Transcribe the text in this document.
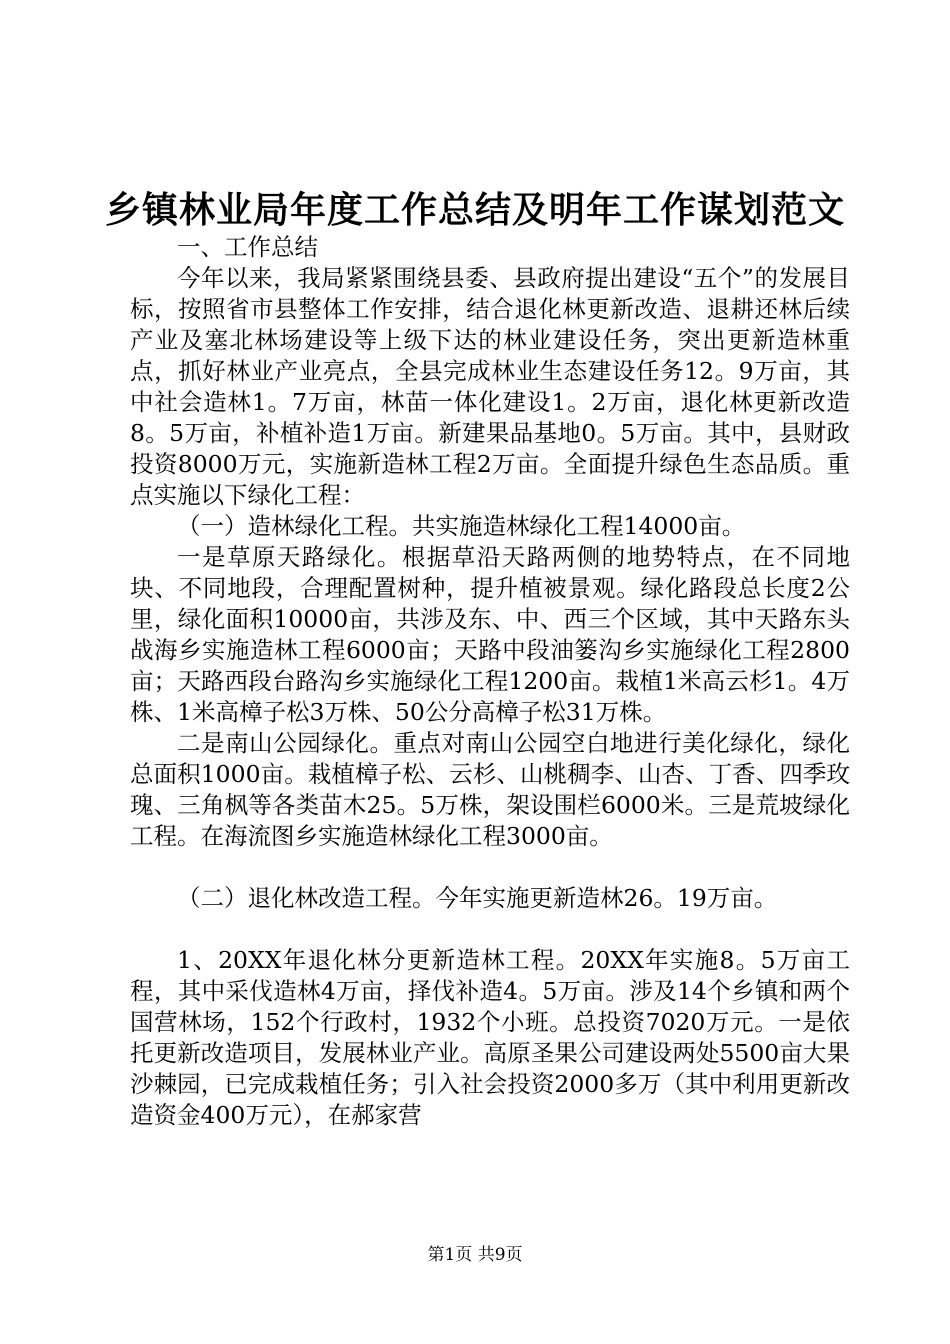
乡镇林业局年度工作总结及明年工作谋划范文

一、工作总结

今年以来，我局紧紧围绕县委、县政府提出建设“五个”的发展目标，按照省市县整体工作安排，结合退化林更新改造、退耕还林后续产业及塞北林场建设等上级下达的林业建设任务，突出更新造林重点，抓好林业产业亮点，全县完成林业生态建设任务12。9万亩，其中社会造林1。7万亩，林苗一体化建设1。2万亩，退化林更新改造8。5万亩，补植补造1万亩。新建果品基地0。5万亩。其中，县财政投资8000万元，实施新造林工程2万亩。全面提升绿色生态品质。重点实施以下绿化工程：

（一）造林绿化工程。共实施造林绿化工程14000亩。

一是草原天路绿化。根据草沿天路两侧的地势特点，在不同地块、不同地段，合理配置树种，提升植被景观。绿化路段总长度2公里，绿化面积10000亩，共涉及东、中、西三个区域，其中天路东头战海乡实施造林工程6000亩；天路中段油篓沟乡实施绿化工程2800亩；天路西段台路沟乡实施绿化工程1200亩。栽植1米高云杉1。4万株、1米高樟子松3万株、50公分高樟子松31万株。

二是南山公园绿化。重点对南山公园空白地进行美化绿化，绿化总面积1000亩。栽植樟子松、云杉、山桃稠李、山杏、丁香、四季玫瑰、三角枫等各类苗木25。5万株，架设围栏6000米。三是荒坡绿化工程。在海流图乡实施造林绿化工程3000亩。

（二）退化林改造工程。今年实施更新造林26。19万亩。

1、20XX年退化林分更新造林工程。20XX年实施8。5万亩工程，其中采伐造林4万亩，择伐补造4。5万亩。涉及14个乡镇和两个国营林场，152个行政村，1932个小班。总投资7020万元。一是依托更新改造项目，发展林业产业。高原圣果公司建设两处5500亩大果沙棘园，已完成栽植任务；引入社会投资2000多万（其中利用更新改造资金400万元），在郝家营

第1页 共9页
